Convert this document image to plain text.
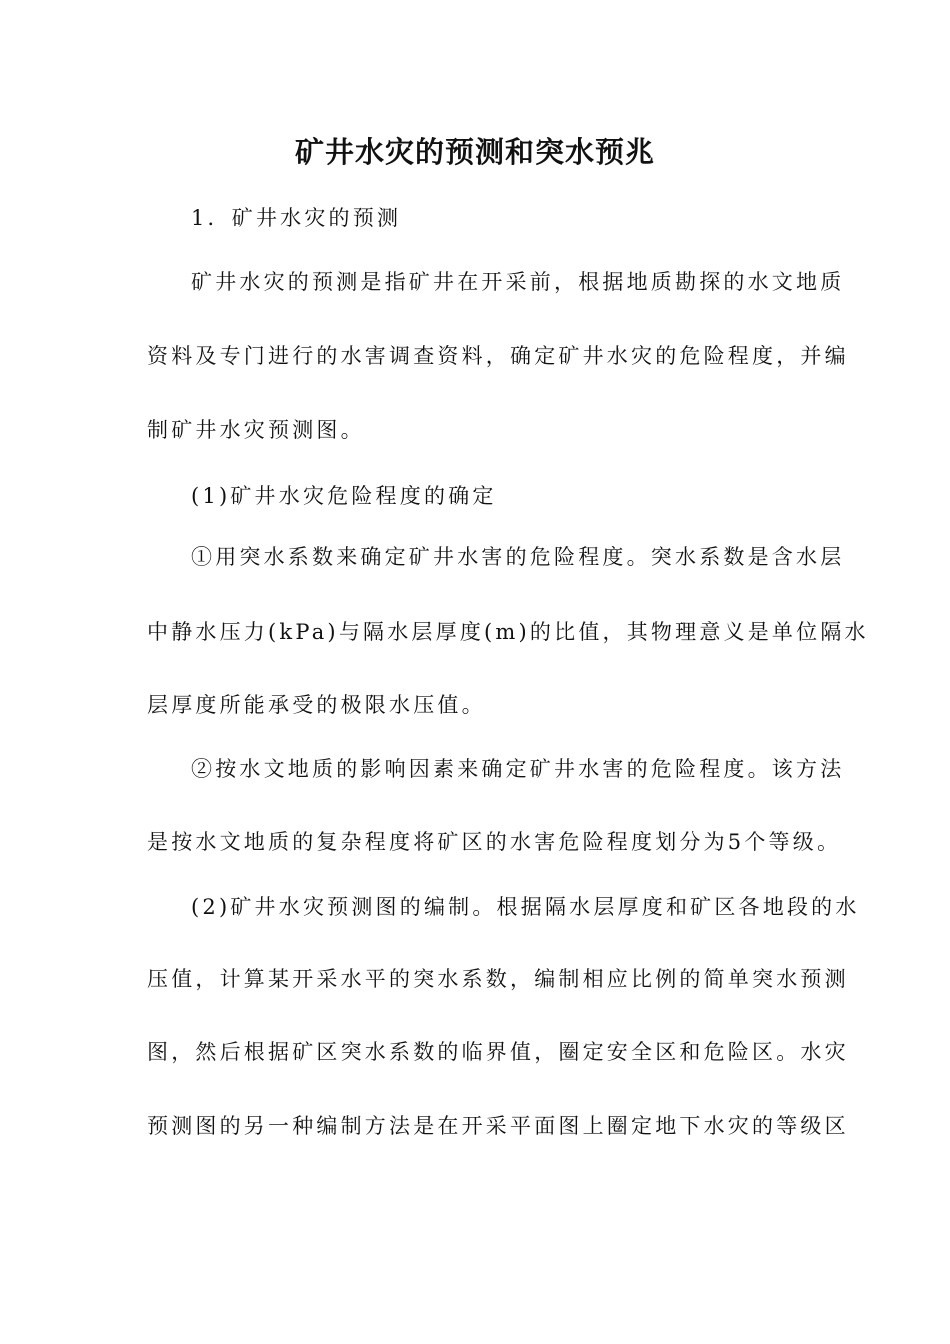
矿井水灾的预测和突水预兆
1．矿井水灾的预测
矿井水灾的预测是指矿井在开采前，根据地质勘探的水文地质
资料及专门进行的水害调查资料，确定矿井水灾的危险程度，并编
制矿井水灾预测图。
(1)矿井水灾危险程度的确定
①用突水系数来确定矿井水害的危险程度。突水系数是含水层
中静水压力(kPa)与隔水层厚度(m)的比值，其物理意义是单位隔水
层厚度所能承受的极限水压值。
②按水文地质的影响因素来确定矿井水害的危险程度。该方法
是按水文地质的复杂程度将矿区的水害危险程度划分为5个等级。
(2)矿井水灾预测图的编制。根据隔水层厚度和矿区各地段的水
压值，计算某开采水平的突水系数，编制相应比例的简单突水预测
图，然后根据矿区突水系数的临界值，圈定安全区和危险区。水灾
预测图的另一种编制方法是在开采平面图上圈定地下水灾的等级区
